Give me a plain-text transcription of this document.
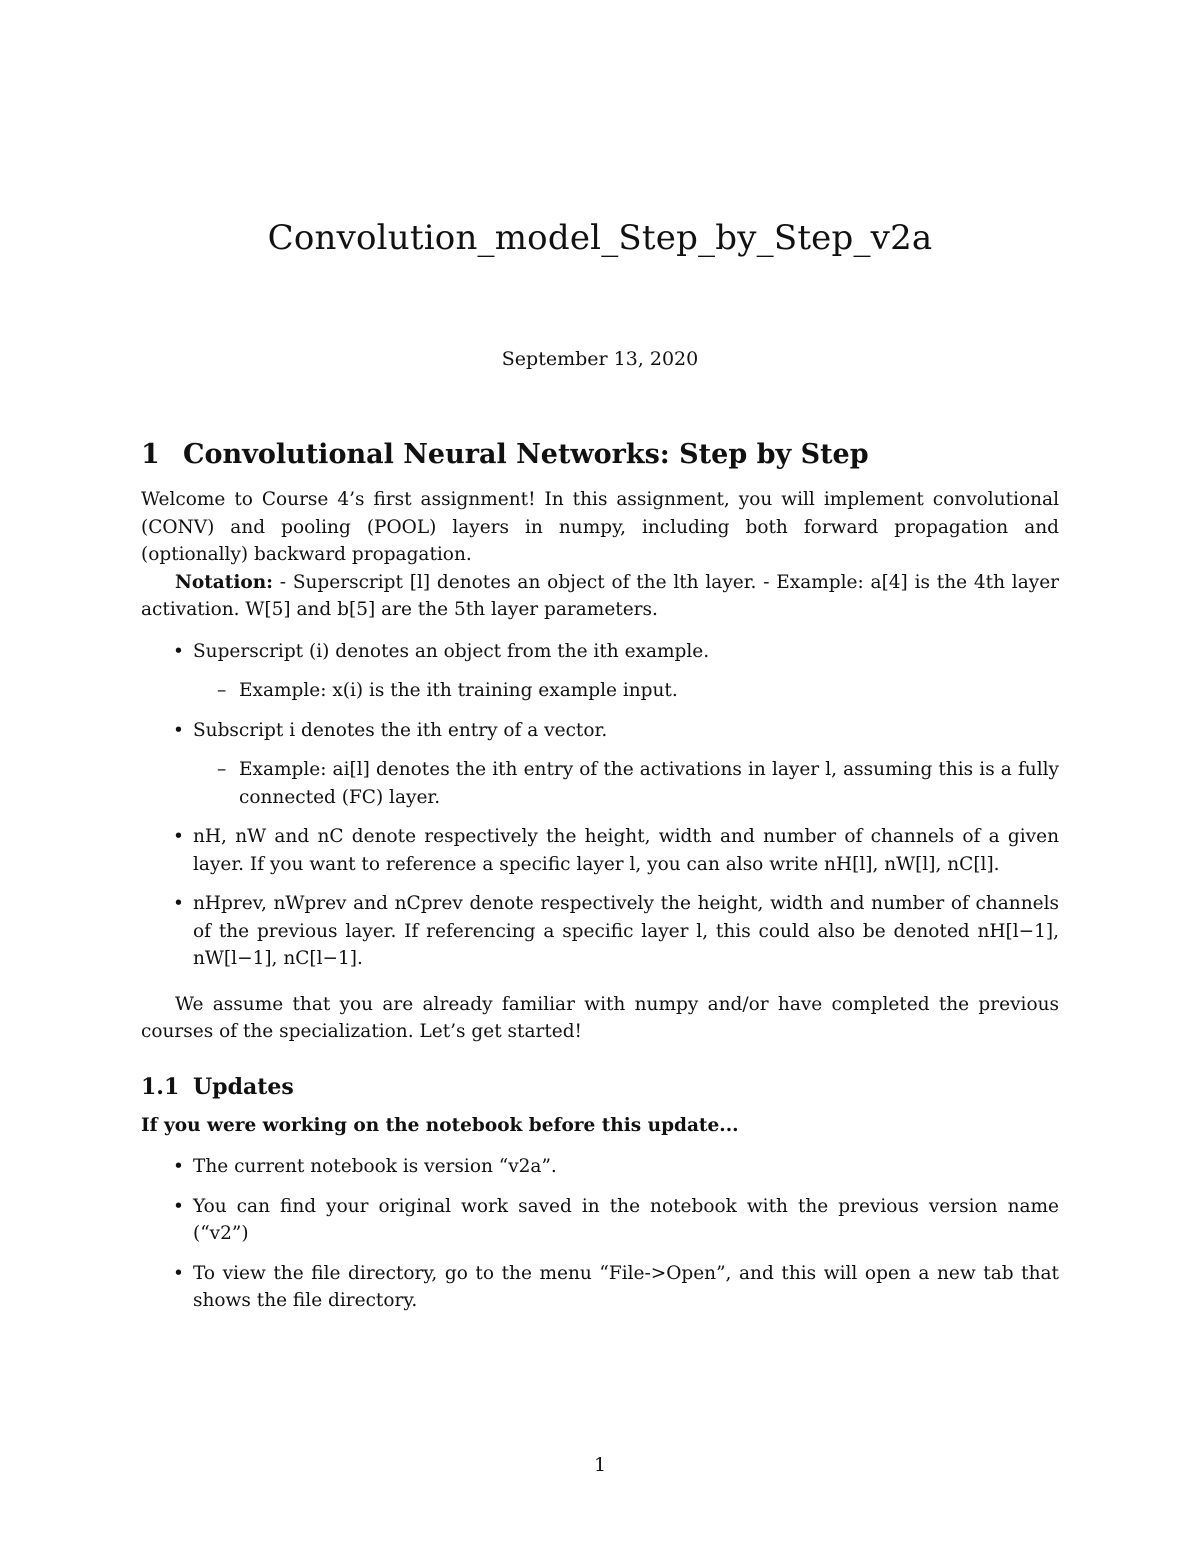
Convolution_model_Step_by_Step_v2a
September 13, 2020
1 Convolutional Neural Networks: Step by Step

Welcome to Course 4’s first assignment! In this assignment, you will implement convolutional (CONV) and pooling (POOL) layers in numpy, including both forward propagation and (optionally) backward propagation.

Notation: - Superscript [l] denotes an object of the lth layer. - Example: a[4] is the 4th layer activation. W[5] and b[5] are the 5th layer parameters.

• Superscript (i) denotes an object from the ith example.
– Example: x(i) is the ith training example input.
• Subscript i denotes the ith entry of a vector.
– Example: ai[l] denotes the ith entry of the activations in layer l, assuming this is a fully connected (FC) layer.
• nH, nW and nC denote respectively the height, width and number of channels of a given layer. If you want to reference a specific layer l, you can also write nH[l], nW[l], nC[l].
• nHprev, nWprev and nCprev denote respectively the height, width and number of channels of the previous layer. If referencing a specific layer l, this could also be denoted nH[l−1], nW[l−1], nC[l−1].

We assume that you are already familiar with numpy and/or have completed the previous courses of the specialization. Let’s get started!

1.1 Updates

If you were working on the notebook before this update...

• The current notebook is version “v2a”.
• You can find your original work saved in the notebook with the previous version name (“v2”)
• To view the file directory, go to the menu “File->Open”, and this will open a new tab that shows the file directory.
1
